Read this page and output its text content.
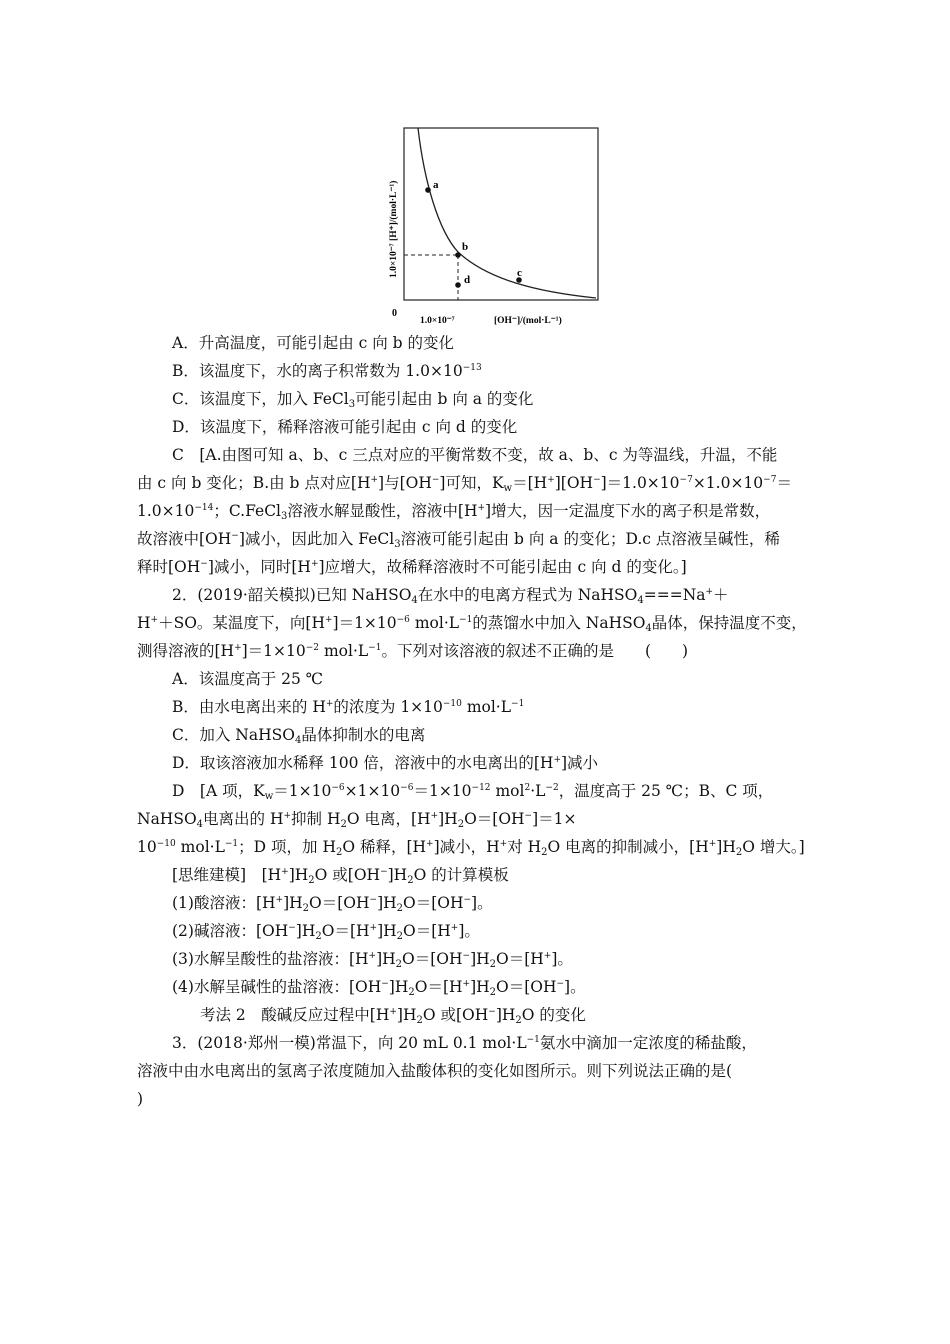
a
b
c
d
0
1.0×10⁻⁷ [H⁺]/(mol·L⁻¹)
1.0×10⁻⁷	[OH⁻]/(mol·L⁻¹)
A．升高温度，可能引起由 c 向 b 的变化
B．该温度下，水的离子积常数为 $1.0\times 10^{-13}$
C．该温度下，加入 FeCl$_3$可能引起由 b 向 a 的变化
D．该温度下，稀释溶液可能引起由 c 向 d 的变化
C　[A.由图可知 a、b、c 三点对应的平衡常数不变，故 a、b、c 为等温线，升温，不能
由 c 向 b 变化；B.由 b 点对应[H+]与[OH−]可知，$K_w=[H^+][OH^-]=1.0\times 10^{-7}\times 1.0\times 10^{-7}=$
$1.0\times 10^{-14}$；C.FeCl$_3$溶液水解显酸性，溶液中[H+]增大，因一定温度下水的离子积是常数，
故溶液中[OH−]减小，因此加入 FeCl$_3$溶液可能引起由 b 向 a 的变化；D.c 点溶液呈碱性，稀
释时[OH−]减小，同时[H+]应增大，故稀释溶液时不可能引起由 c 向 d 的变化。]
2．(2019·韶关模拟)已知 NaHSO$_4$在水中的电离方程式为 NaHSO$_4$===Na+＋
H+＋SO。某温度下，向$[H^+]=1\times 10^{-6}$ $mol\cdot L^{-1}$的蒸馏水中加入 NaHSO$_4$晶体，保持温度不变，
测得溶液的$[H^+]=1\times 10^{-2}$ $mol\cdot L^{-1}$。下列对该溶液的叙述不正确的是　　(　　)
A．该温度高于 25 ℃
B．由水电离出来的 H+的浓度为 $1\times 10^{-10}$ $mol\cdot L^{-1}$
C．加入 NaHSO$_4$晶体抑制水的电离
D．取该溶液加水稀释 100 倍，溶液中的水电离出的[H+]减小
D　[A 项，$K_w=1\times 10^{-6}\times 1\times 10^{-6}=1\times 10^{-12}$ $mol^2\cdot L^{-2}$，温度高于 25 ℃；B、C 项，
NaHSO$_4$电离出的 H+抑制 $H_2O$ 电离，$[H^+]H_2O=[OH^-]=1\times$
$10^{-10}$ $mol\cdot L^{-1}$；D 项，加 $H_2O$ 稀释，[H+]减小，H+对 $H_2O$ 电离的抑制减小，$[H^+]H_2O$ 增大。]
[思维建模]　$[H^+]H_2O$ 或$[OH^-]H_2O$ 的计算模板
(1)酸溶液：$[H^+]H_2O=[OH^-]H_2O=[OH^-]$。
(2)碱溶液：$[OH^-]H_2O=[H^+]H_2O=[H^+]$。
(3)水解呈酸性的盐溶液：$[H^+]H_2O=[OH^-]H_2O=[H^+]$。
(4)水解呈碱性的盐溶液：$[OH^-]H_2O=[H^+]H_2O=[OH^-]$。
考法 2　酸碱反应过程中$[H^+]H_2O$ 或$[OH^-]H_2O$ 的变化
3．(2018·郑州一模)常温下，向 20 mL 0.1 $mol\cdot L^{-1}$氨水中滴加一定浓度的稀盐酸，
溶液中由水电离出的氢离子浓度随加入盐酸体积的变化如图所示。则下列说法正确的是(
)
